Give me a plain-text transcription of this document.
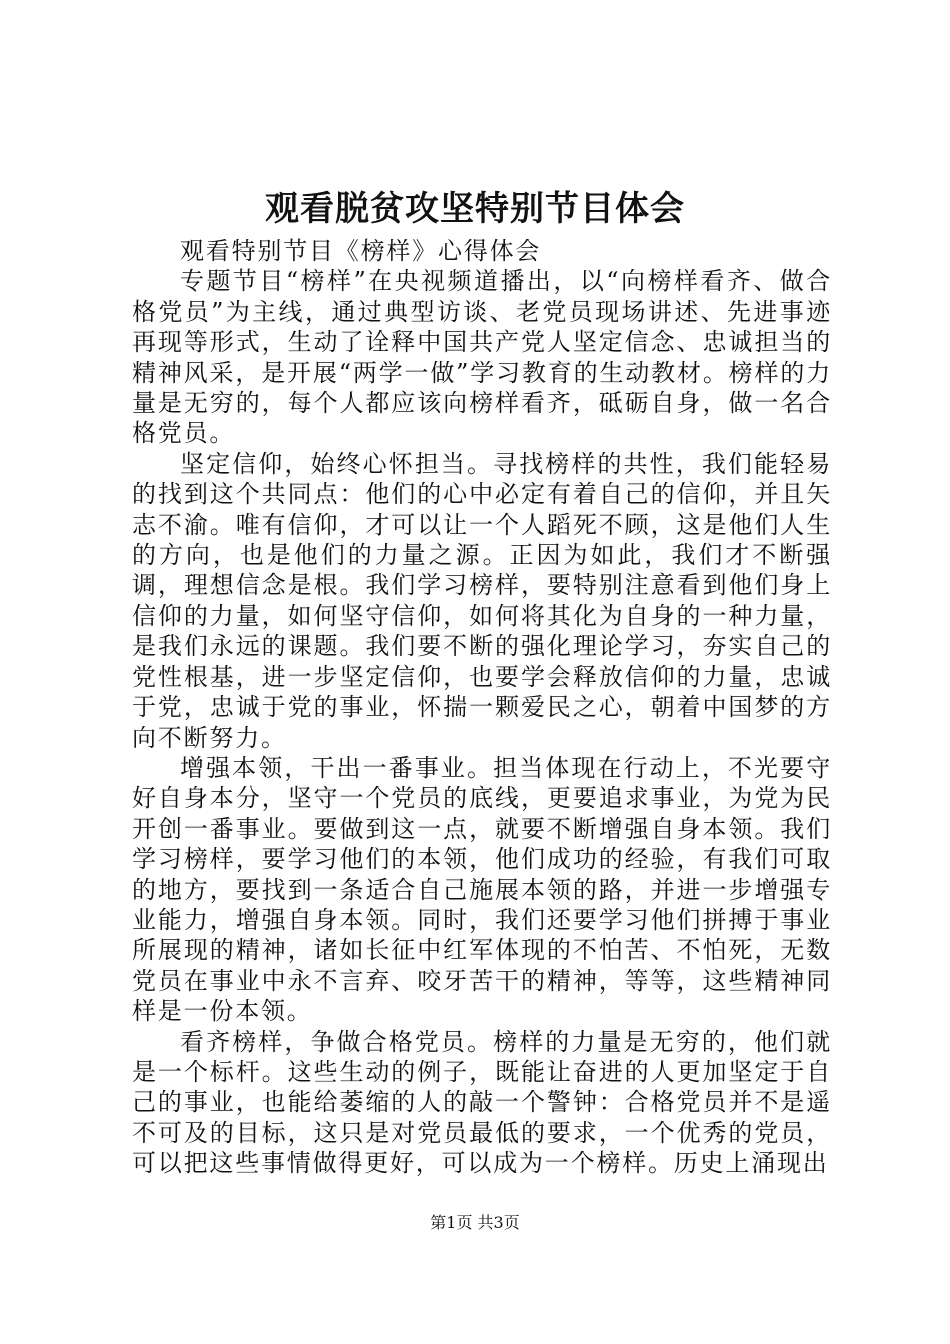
观看脱贫攻坚特别节目体会

观看特别节目《榜样》心得体会

专题节目“榜样”在央视频道播出，以“向榜样看齐、做合格党员”为主线，通过典型访谈、老党员现场讲述、先进事迹再现等形式，生动了诠释中国共产党人坚定信念、忠诚担当的精神风采，是开展“两学一做”学习教育的生动教材。榜样的力量是无穷的，每个人都应该向榜样看齐，砥砺自身，做一名合格党员。

坚定信仰，始终心怀担当。寻找榜样的共性，我们能轻易的找到这个共同点：他们的心中必定有着自己的信仰，并且矢志不渝。唯有信仰，才可以让一个人蹈死不顾，这是他们人生的方向，也是他们的力量之源。正因为如此，我们才不断强调，理想信念是根。我们学习榜样，要特别注意看到他们身上信仰的力量，如何坚守信仰，如何将其化为自身的一种力量，是我们永远的课题。我们要不断的强化理论学习，夯实自己的党性根基，进一步坚定信仰，也要学会释放信仰的力量，忠诚于党，忠诚于党的事业，怀揣一颗爱民之心，朝着中国梦的方向不断努力。

增强本领，干出一番事业。担当体现在行动上，不光要守好自身本分，坚守一个党员的底线，更要追求事业，为党为民开创一番事业。要做到这一点，就要不断增强自身本领。我们学习榜样，要学习他们的本领，他们成功的经验，有我们可取的地方，要找到一条适合自己施展本领的路，并进一步增强专业能力，增强自身本领。同时，我们还要学习他们拼搏于事业所展现的精神，诸如长征中红军体现的不怕苦、不怕死，无数党员在事业中永不言弃、咬牙苦干的精神，等等，这些精神同样是一份本领。

看齐榜样，争做合格党员。榜样的力量是无穷的，他们就是一个标杆。这些生动的例子，既能让奋进的人更加坚定于自己的事业，也能给萎缩的人的敲一个警钟：合格党员并不是遥不可及的目标，这只是对党员最低的要求，一个优秀的党员，可以把这些事情做得更好，可以成为一个榜样。历史上涌现出

第1页 共3页
